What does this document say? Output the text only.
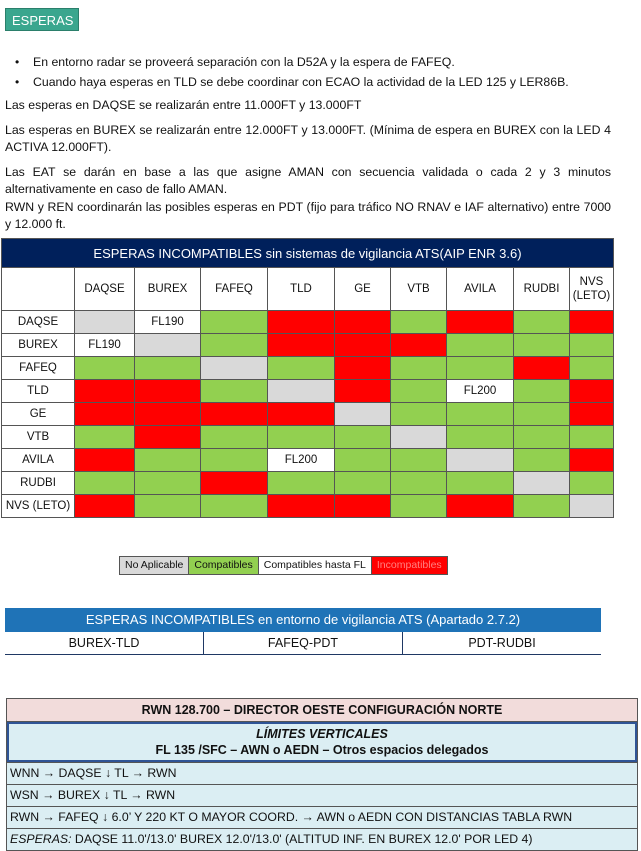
ESPERAS
• En entorno radar se proveerá separación con la D52A y la espera de FAFEQ.
• Cuando haya esperas en TLD se debe coordinar con ECAO la actividad de la LED 125 y LER86B.

Las esperas en DAQSE se realizarán entre 11.000FT y 13.000FT

Las esperas en BUREX se realizarán entre 12.000FT y 13.000FT. (Mínima de espera en BUREX con la LED 4 ACTIVA 12.000FT).

Las EAT se darán en base a las que asigne AMAN con secuencia validada o cada 2 y 3 minutos alternativamente en caso de fallo AMAN.

RWN y REN coordinarán las posibles esperas en PDT (fijo para tráfico NO RNAV e IAF alternativo) entre 7000 y 12.000 ft.

ESPERAS INCOMPATIBLES sin sistemas de vigilancia ATS(AIP ENR 3.6)									
	DAQSE	BUREX	FAFEQ	TLD	GE	VTB	AVILA	RUDBI	NVS (LETO)
DAQSE		FL190							
BUREX	FL190								
FAFEQ									
TLD							FL200		
GE									
VTB									
AVILA				FL200					
RUDBI									
NVS (LETO)									
No Aplicable	Compatibles	Compatibles hasta FL	Incompatibles
ESPERAS INCOMPATIBLES en entorno de vigilancia ATS (Apartado 2.7.2)
BUREX-TLD	FAFEQ-PDT	PDT-RUDBI
RWN 128.700 – DIRECTOR OESTE CONFIGURACIÓN NORTE
LÍMITES VERTICALES
FL 135 /SFC – AWN o AEDN – Otros espacios delegados
WNN → DAQSE ↓ TL → RWN
WSN → BUREX ↓ TL → RWN
RWN → FAFEQ ↓ 6.0’ Y 220 KT O MAYOR COORD. → AWN o AEDN CON DISTANCIAS TABLA RWN
ESPERAS: DAQSE 11.0'/13.0' BUREX 12.0'/13.0' (ALTITUD INF. EN BUREX 12.0' POR LED 4)
